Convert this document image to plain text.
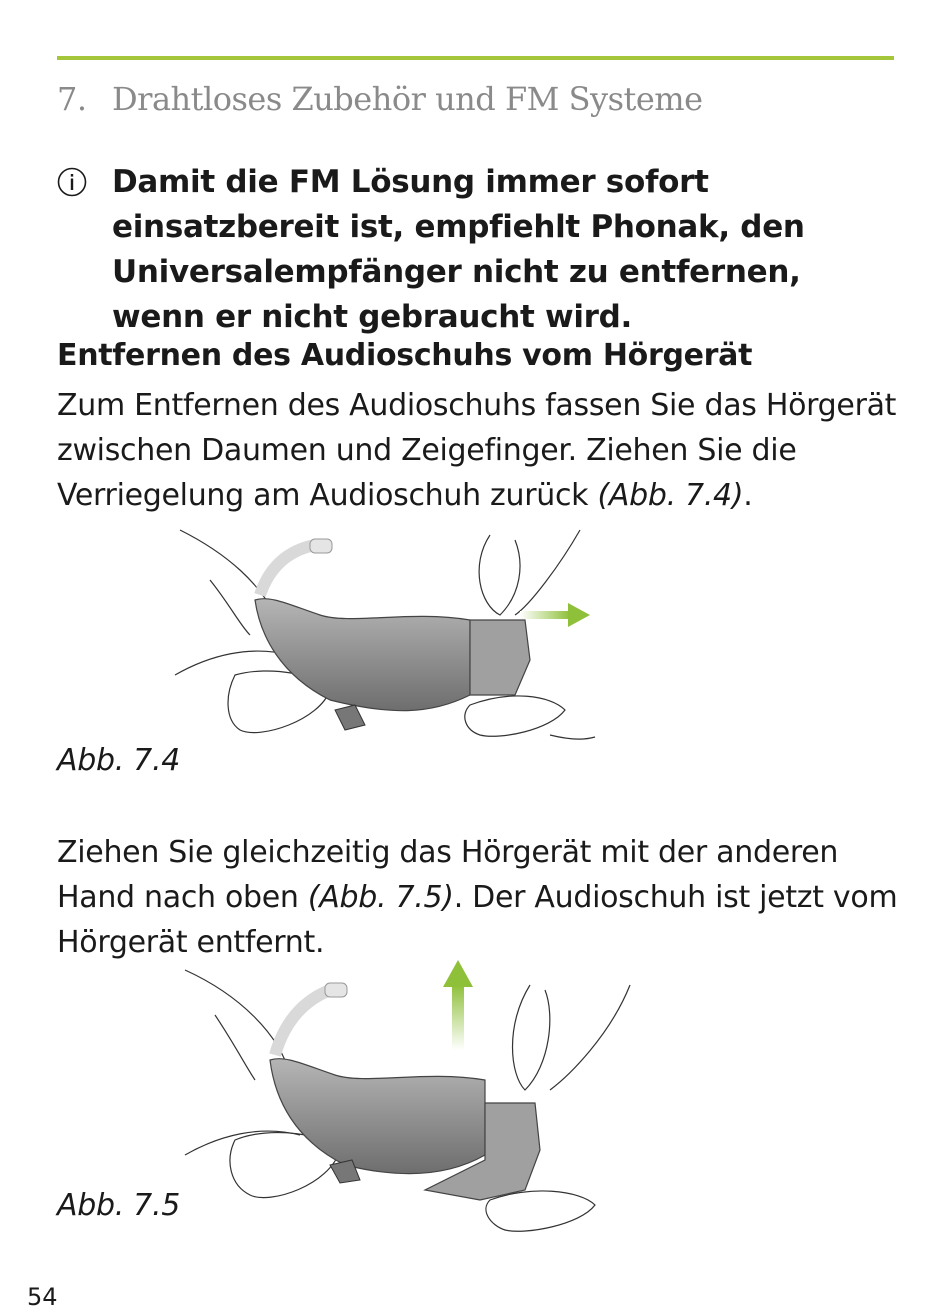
7. Drahtloses Zubehör und FM Systeme
Damit die FM Lösung immer sofort einsatzbereit ist, empfiehlt Phonak, den Universalempfänger nicht zu entfernen, wenn er nicht gebraucht wird.
Entfernen des Audioschuhs vom Hörgerät
Zum Entfernen des Audioschuhs fassen Sie das Hörgerät zwischen Daumen und Zeigefinger. Ziehen Sie die Verriegelung am Audioschuh zurück (Abb. 7.4).
Abb. 7.4
Ziehen Sie gleichzeitig das Hörgerät mit der anderen Hand nach oben (Abb. 7.5). Der Audioschuh ist jetzt vom Hörgerät entfernt.
Abb. 7.5
54
